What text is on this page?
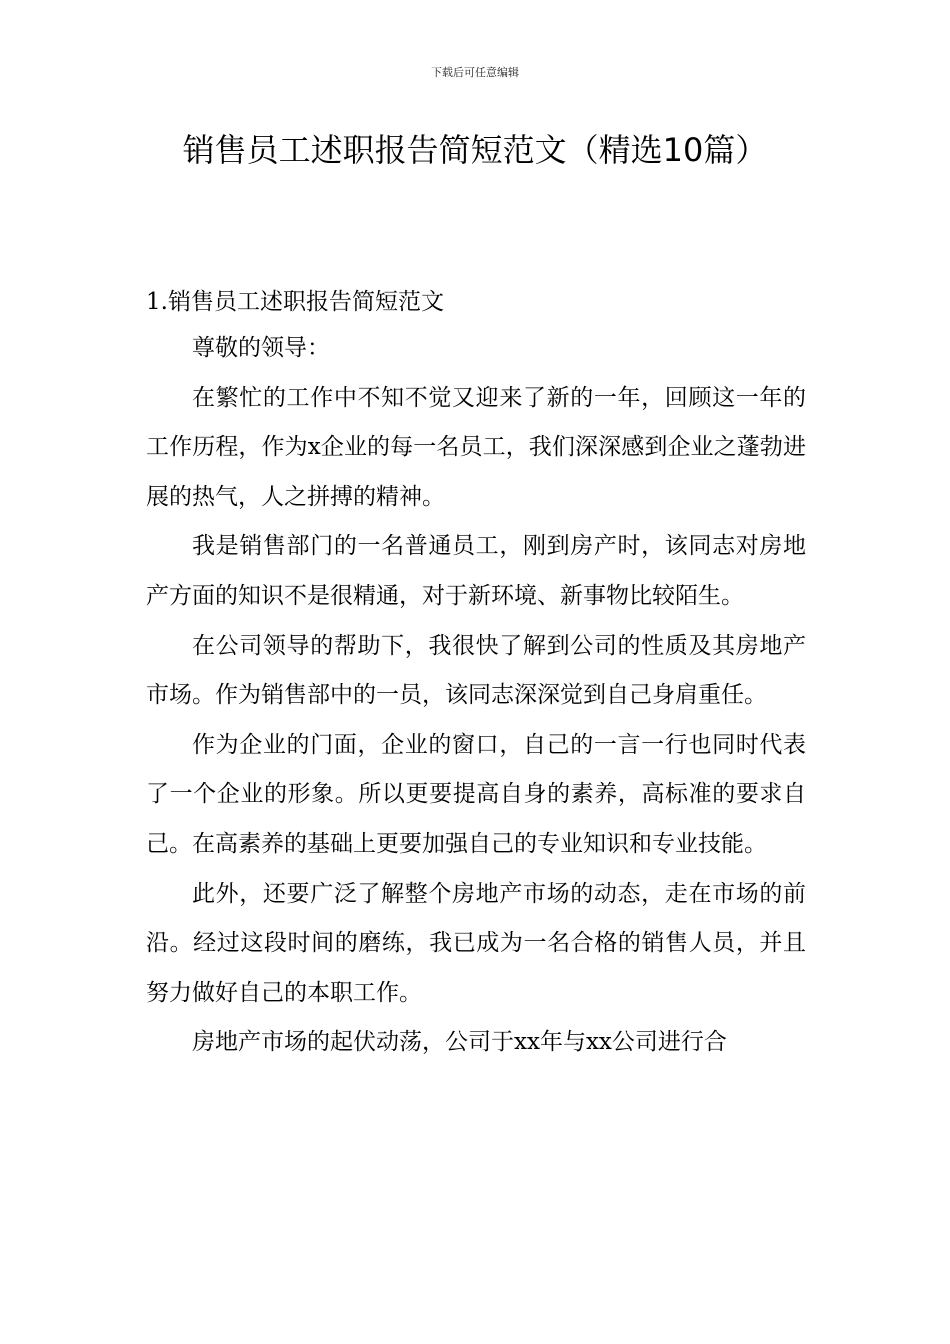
下载后可任意编辑
销售员工述职报告简短范文（精选10篇）

1.销售员工述职报告简短范文

尊敬的领导：

在繁忙的工作中不知不觉又迎来了新的一年，回顾这一年的工作历程，作为x企业的每一名员工，我们深深感到企业之蓬勃进展的热气，人之拼搏的精神。

我是销售部门的一名普通员工，刚到房产时，该同志对房地产方面的知识不是很精通，对于新环境、新事物比较陌生。

在公司领导的帮助下，我很快了解到公司的性质及其房地产市场。作为销售部中的一员，该同志深深觉到自己身肩重任。

作为企业的门面，企业的窗口，自己的一言一行也同时代表了一个企业的形象。所以更要提高自身的素养，高标准的要求自己。在高素养的基础上更要加强自己的专业知识和专业技能。

此外，还要广泛了解整个房地产市场的动态，走在市场的前沿。经过这段时间的磨练，我已成为一名合格的销售人员，并且努力做好自己的本职工作。

房地产市场的起伏动荡，公司于xx年与xx公司进行合
